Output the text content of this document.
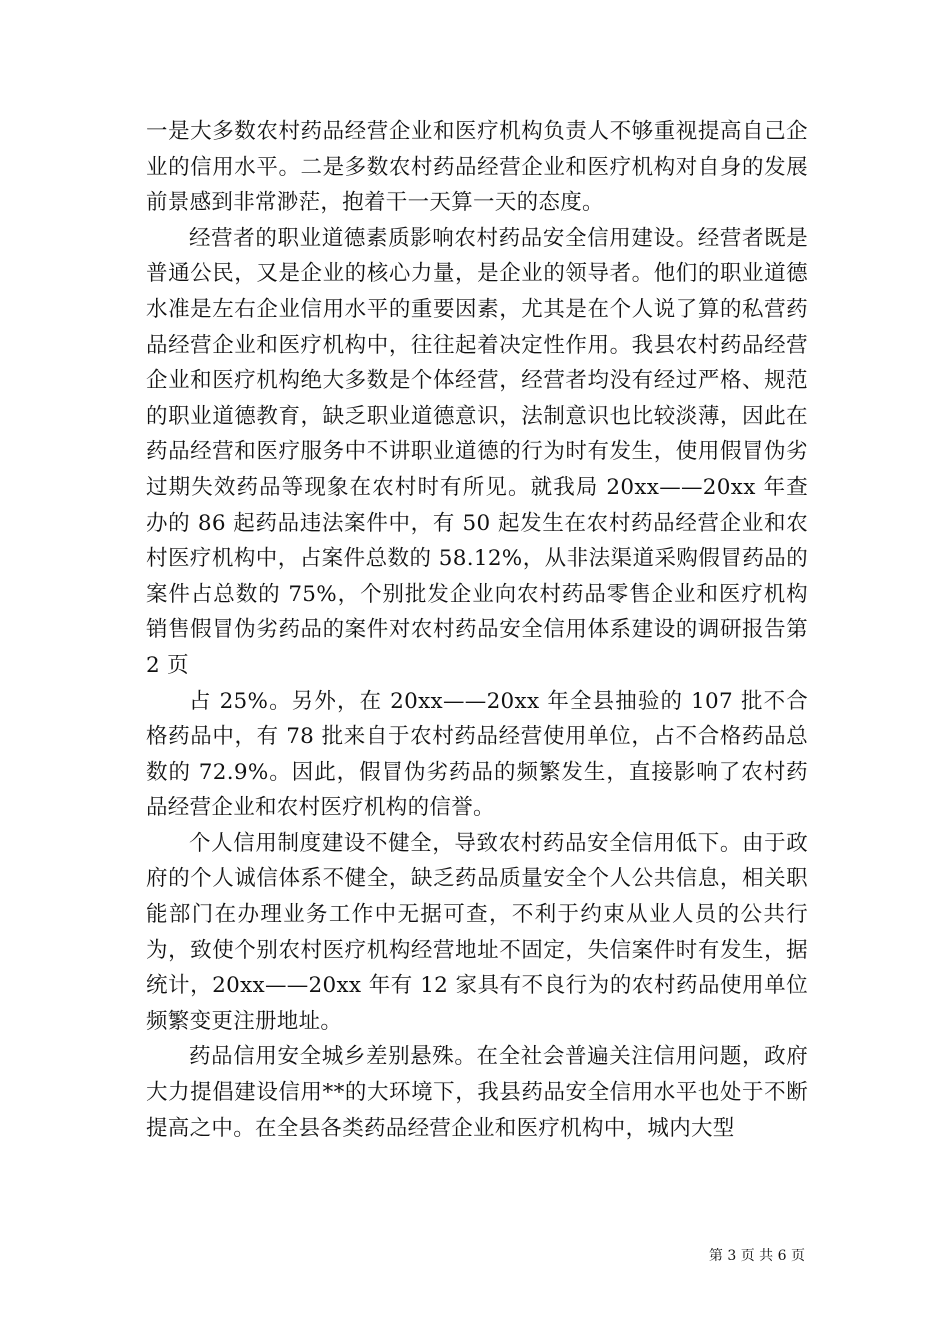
一是大多数农村药品经营企业和医疗机构负责人不够重视提高自己企业的信用水平。二是多数农村药品经营企业和医疗机构对自身的发展前景感到非常渺茫，抱着干一天算一天的态度。

经营者的职业道德素质影响农村药品安全信用建设。经营者既是普通公民，又是企业的核心力量，是企业的领导者。他们的职业道德水准是左右企业信用水平的重要因素，尤其是在个人说了算的私营药品经营企业和医疗机构中，往往起着决定性作用。我县农村药品经营企业和医疗机构绝大多数是个体经营，经营者均没有经过严格、规范的职业道德教育，缺乏职业道德意识，法制意识也比较淡薄，因此在药品经营和医疗服务中不讲职业道德的行为时有发生，使用假冒伪劣过期失效药品等现象在农村时有所见。就我局 20xx——20xx 年查办的 86 起药品违法案件中，有 50 起发生在农村药品经营企业和农村医疗机构中，占案件总数的 58.12%，从非法渠道采购假冒药品的案件占总数的 75%，个别批发企业向农村药品零售企业和医疗机构销售假冒伪劣药品的案件对农村药品安全信用体系建设的调研报告第 2 页

占 25%。另外，在 20xx——20xx 年全县抽验的 107 批不合格药品中，有 78 批来自于农村药品经营使用单位，占不合格药品总数的 72.9%。因此，假冒伪劣药品的频繁发生，直接影响了农村药品经营企业和农村医疗机构的信誉。

个人信用制度建设不健全，导致农村药品安全信用低下。由于政府的个人诚信体系不健全，缺乏药品质量安全个人公共信息，相关职能部门在办理业务工作中无据可查，不利于约束从业人员的公共行为，致使个别农村医疗机构经营地址不固定，失信案件时有发生，据统计，20xx——20xx 年有 12 家具有不良行为的农村药品使用单位频繁变更注册地址。

药品信用安全城乡差别悬殊。在全社会普遍关注信用问题，政府大力提倡建设信用**的大环境下，我县药品安全信用水平也处于不断提高之中。在全县各类药品经营企业和医疗机构中，城内大型

第 3 页 共 6 页
